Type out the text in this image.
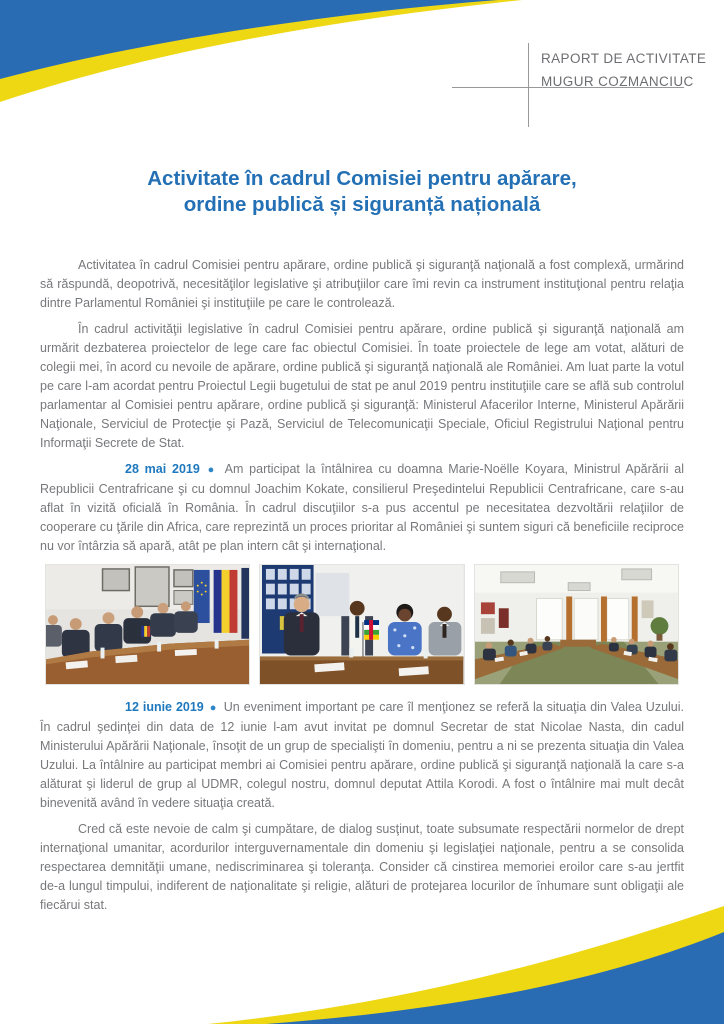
RAPORT DE ACTIVITATE
MUGUR COZMANCIUC
Activitate în cadrul Comisiei pentru apărare,
ordine publică și siguranță națională

Activitatea în cadrul Comisiei pentru apărare, ordine publică şi siguranţă naţională a fost complexă, urmărind să răspundă, deopotrivă, necesităţilor legislative şi atribuţiilor care îmi revin ca instrument instituţional pentru relaţia dintre Parlamentul României şi instituţiile pe care le controlează.

În cadrul activităţii legislative în cadrul Comisiei pentru apărare, ordine publică şi siguranţă naţională am urmărit dezbaterea proiectelor de lege care fac obiectul Comisiei. În toate proiectele de lege am votat, alături de colegii mei, în acord cu nevoile de apărare, ordine publică şi siguranţă naţională ale României. Am luat parte la votul pe care l-am acordat pentru Proiectul Legii bugetului de stat pe anul 2019 pentru instituţiile care se află sub controlul parlamentar al Comisiei pentru apărare, ordine publică şi siguranţă: Ministerul Afacerilor Interne, Ministerul Apărării Naţionale, Serviciul de Protecţie şi Pază, Serviciul de Telecomunicaţii Speciale, Oficiul Registrului Naţional pentru Informaţii Secrete de Stat.

28 mai 2019 ● Am participat la întâlnirea cu doamna Marie-Noëlle Koyara, Ministrul Apărării al Republicii Centrafricane şi cu domnul Joachim Kokate, consilierul Preşedintelui Republicii Centrafricane, care s-au aflat în vizită oficială în România. În cadrul discuţiilor s-a pus accentul pe necesitatea dezvoltării relaţiilor de cooperare cu ţările din Africa, care reprezintă un proces prioritar al României şi suntem siguri că beneficiile reciproce nu vor întârzia să apară, atât pe plan intern cât şi internaţional.

12 iunie 2019 ● Un eveniment important pe care îl menţionez se referă la situaţia din Valea Uzului. În cadrul şedinţei din data de 12 iunie l-am avut invitat pe domnul Secretar de stat Nicolae Nasta, din cadul Ministerului Apărării Naţionale, însoţit de un grup de specialişti în domeniu, pentru a ni se prezenta situaţia din Valea Uzului. La întâlnire au participat membri ai Comisiei pentru apărare, ordine publică şi siguranţă naţională la care s-a alăturat şi liderul de grup al UDMR, colegul nostru, domnul deputat Attila Korodi. A fost o întâlnire mai mult decât binevenită având în vedere situaţia creată.

Cred că este nevoie de calm şi cumpătare, de dialog susţinut, toate subsumate respectării normelor de drept internaţional umanitar, acordurilor interguvernamentale din domeniu şi legislaţiei naţionale, pentru a se consolida respectarea demnităţii umane, nediscriminarea şi toleranţa. Consider că cinstirea memoriei eroilor care s-au jertfit de-a lungul timpului, indiferent de naţionalitate şi religie, alături de protejarea locurilor de înhumare sunt obligaţii ale fiecărui stat.
